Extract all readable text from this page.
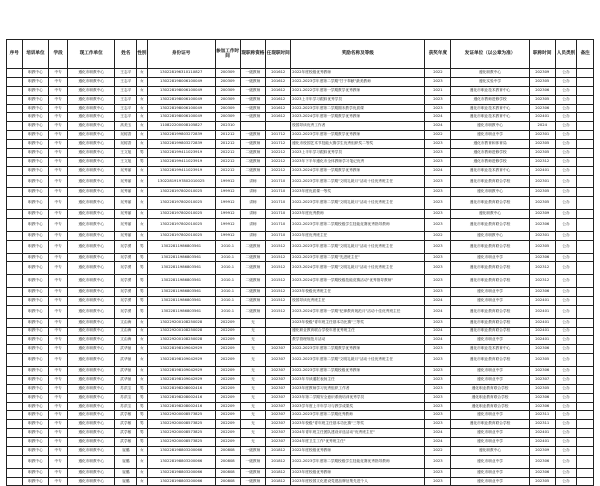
序号	培训单位	学段	现工作单位	姓名	性别	身份证号	参加工作时间	现职称资格	任现职时间	奖励名称及等级	获奖年度	发证单位（以公章为准）	职称时间	人员类别	备注
	职教中心	中专	遵化市职教中心	王志平	女	13022819631011X827	200309	一级教师	201612	2022年度校级优秀教师	2022	遵化职教中心	202309	公办	
	职教中心	中专	遵化市职教中心	王志平	女	130228198006100049	200309	一级教师	201612	2022-2023学年度第二学期"甘于奉献"最美教师	2023	遵化实验中学	202305	公办	
	职教中心	中专	遵化市职教中心	王志平	女	130228198006100049	200309	一级教师	201612	2021-2022学年度第一学期教学优秀教师	2021	遵化市职业技术教育中心	202306	公办	
	职教中心	中专	遵化市职教中心	王志平	女	130228198006100049	200309	一级教师	201612	2023上半年学习跟踪优秀学员	2023	遵化市教师进修学校	202305	公办	
	职教中心	中专	遵化市职教中心	王志平	女	130228198006100049	200309	一级教师	201612	2022-2023学年度第二学期期末教学优质课	2023	遵化市职业技术教育中心	202306	公办	
	职教中心	中专	遵化市职教中心	王志平	女	130228198006100049	200309	一级教师	201612	2023-2024学年度第一学期教学优秀教师	2024	遵化市职业技术教育中心	202401	公办	
	职教中心	中专	遵化市职教中心	高美玉	女	110822200008105827	202310			校园导读优秀工作者	2024	遵化市职教中心	2024	公办	
	职教中心	中专	遵化市职教中心	吴树香	女	130228199803272839	201212	一级教师	201712	2022-2023学年度第一学期教学优秀教师	2022	遵化市职业中学	202301	公办	
	职教中心	中专	遵化市职教中心	吴树香	女	130228199803272839	201212	一级教师	201712	遵化市校园艺术节技能大赛学生优秀组织奖二等奖	2023	遵化市教育和体育局	202305	公办	
	职教中心	中专	遵化市职教中心	王文旭	男	130228199411023919	202212	二级教师	202212	2023上半年学习跟踪优秀学员	2023	遵化市教师进修学校	202305	公办	
	职教中心	中专	遵化市职教中心	王文旭	男	130228199411023919	202212	二级教师	202212	2023年下半年遵化市全体教师学习笔记优秀	2023	遵化市教师进修学校	202312	公办	
	职教中心	中专	遵化市职教中心	吴秀丽	女	130228199411023919	202212	二级教师	202212	2023-2024学年度第一学期教学优秀教师	2024	遵化市职业技术教育中心	202401	公办	
	职教中心	中专	遵化市职教中心	吴秀丽	女	13022819197802010025	199912	讲师	201710	2022-2023学年度第二学期"文明礼貌月"活动十佳优秀班主任	2023	遵化市职业教育联合学校	202301	公办	
	职教中心	中专	遵化市职教中心	吴秀丽	女	130228197802010025	199912	讲师	201710	2023年度优质课一等奖	2023	遵化市职教中心	202305	公办	
	职教中心	中专	遵化市职教中心	吴秀丽	女	130228197802010025	199912	讲师	201710	2022-2023学年度第二学期"文明礼貌月"活动十佳优秀班主任	2023	遵化市职业教育联合学校	202305	公办	
	职教中心	中专	遵化市职教中心	吴秀丽	女	130228197802010025	199912	讲师	201710	2023年度优秀教师	2023	遵化职教中心	202309	公办	
	职教中心	中专	遵化市职教中心	吴秀丽	女	130228197802010025	199912	讲师	201710	2022-2023学年度第二学期校级学生技能竞赛优秀指导教师	2023	遵化市职业教育联合学校	202306	公办	
	职教中心	中专	遵化市职教中心	吴秀丽	女	130228197802010025	199912	讲师	201710	2022年度优秀班主任	2022	遵化市职教中心	202301	公办	
	职教中心	中专	遵化市职教中心	吴学勇	男	13022811986803561	2010.1	二级教师	201512	2022-2023学年度第二学期"文明礼貌月"活动十佳优秀班主任	2023	遵化市职业教育联合学校	202305	公办	
	职教中心	中专	遵化市职教中心	吴学勇	男	13022811986803561	2010.1	二级教师	201512	2022-2023学年度第二学期"先进班主任"	2023	遵化市职业中学	202306	公办	
	职教中心	中专	遵化市职教中心	吴学勇	男	13022811986803561	2010.1	二级教师	201512	2023-2024学年度第一学期"文明礼貌月"活动十佳优秀班主任	2023	遵化市职业教育联合学校	202312	公办	
	职教中心	中专	遵化市职教中心	吴学勇	男	13022811986803561	2010.1	二级教师	201512	2023-2024学年度第一学期校级技能竞赛活动"优秀指导教师"	2023	遵化市职业教育联合学校	202312	公办	
	职教中心	中专	遵化市职教中心	吴学勇	男	13022811986803561	2010.1	二级教师	201512	2023年校级优秀班主任	2023	遵化市职业中学	202306	公办	
	职教中心	中专	遵化市职教中心	吴学勇	男	13022811986803561	2010.1	二级教师	201512	校园导读优秀班主任	2024	遵化市职业中学	202401	公办	
	职教中心	中专	遵化市职教中心	吴学勇	男	13022811986803561	2010.1	二级教师	201512	2023-2024学年度第一学期"纪律教育规范月"活动十佳优秀班主任	2024	遵化市职业教育联合学校	202401	公办	
	职教中心	中专	遵化市职教中心	文由海	女	130229200108250028	202209	无		2023年校级"青年班主任基本功比赛"三等奖	2023	遵化市职业教育联合学校	202401	公办	
	职教中心	中专	遵化市职教中心	文由海	女	130229200108250028	202209	无		遵化职业教育联合学校年度优秀班主任	2024	遵化市职业教育联合学校	202401	公办	
	职教中心	中专	遵化市职教中心	文由海	女	130229200108250028	202209	无		教学管理规范月活动	2024	遵化市职业中学	202401	公办	
	职教中心	中专	遵化市职教中心	武华祯	女	130228198109042929	202209	无	202307	2022-2023学年度第二学期教学优秀教师	2023	遵化市职业技术教育中心	202306	公办	
	职教中心	中专	遵化市职教中心	武华祯	女	130228198109042929	202209	无	202307	2022-2023学年度第二学期"文明礼貌月"活动十佳优秀班主任	2023	遵化市职业教育联合学校	202305	公办	
	职教中心	中专	遵化市职教中心	武华祯	女	130228198109042929	202209	无	202307	2022-2023学年度第二学期校级优秀教师	2023	遵化市职业中学	202306	公办	
	职教中心	中专	遵化市职教中心	武华祯	女	130228198109042929	202209	无	202307	2023年早读通报表扬主任	2023	遵化市职业中学	202307	公办	
	职教中心	中专	遵化市职教中心	苏洪宝	男	130228198208002416	202209	无	202307	2023年度教师学习优秀组织工作者	2023	遵化职业教育联合学校	202305	公办	
	职教中心	中专	遵化市职教中心	苏洪宝	男	130228198208002416	202209	无	202307	2023年第二学期安全意识系统培训优秀学员	2023	遵化职业教育联合学校	202306	公办	
	职教中心	中专	遵化市职教中心	苏洪宝	男	130228198208002416	202209	无	202307	2023学年度上半年学习与教学成果奖	2023	遵化职业教育联合学校	202306	公办	
	职教中心	中专	遵化市职教中心	武学敏	男	130229200008573825	202209	无	202307	2022-2023学年度第二学期优秀教师	2023	遵化市职业中学	202311	公办	
	职教中心	中专	遵化市职教中心	武学敏	男	130229200008573825	202209	无	202307	2023年校级"青年班主任基本功比赛"三等奖	2023	遵化市职业教育联合学校	202311	公办	
	职教中心	中专	遵化市职教中心	武学敏	男	130229200008573825	202209	无	202307	2024年青年班主任团队建设评选活动"优秀班主任"	2024	遵化市职业中学	202401	公办	
	职教中心	中专	遵化市职教中心	武学敏	男	130229200008573825	202209	无	202307	2024年度卫生工作"优秀班主任"	2024	遵化市职业中学	202401	公办	
	职教中心	中专	遵化市职教中心	崔璐	女	130228198803200066	200808	一级教师	201812	2022年度校级优秀教师	2022	遵化职教中心	202309	公办	
	职教中心	中专	遵化市职教中心	崔璐	女	130228198803200066	200808	一级教师	201812	2022-2023学年度第二学期校级学生技能竞赛优秀指导教师	2023	遵化市职业中学	202306	公办	
	职教中心	中专	遵化市职教中心	崔璐	女	130228198803200066	200808	一级教师	201812	2023年度校级优秀教师	2023	遵化市职业中学	202306	公办	
	职教中心	中专	遵化市职教中心	崔璐	女	130228198803200066	200808	一级教师	201812	2023年度校园文化建设党建品牌征集先进个人	2023	遵化市职业中学	202305	公办	
